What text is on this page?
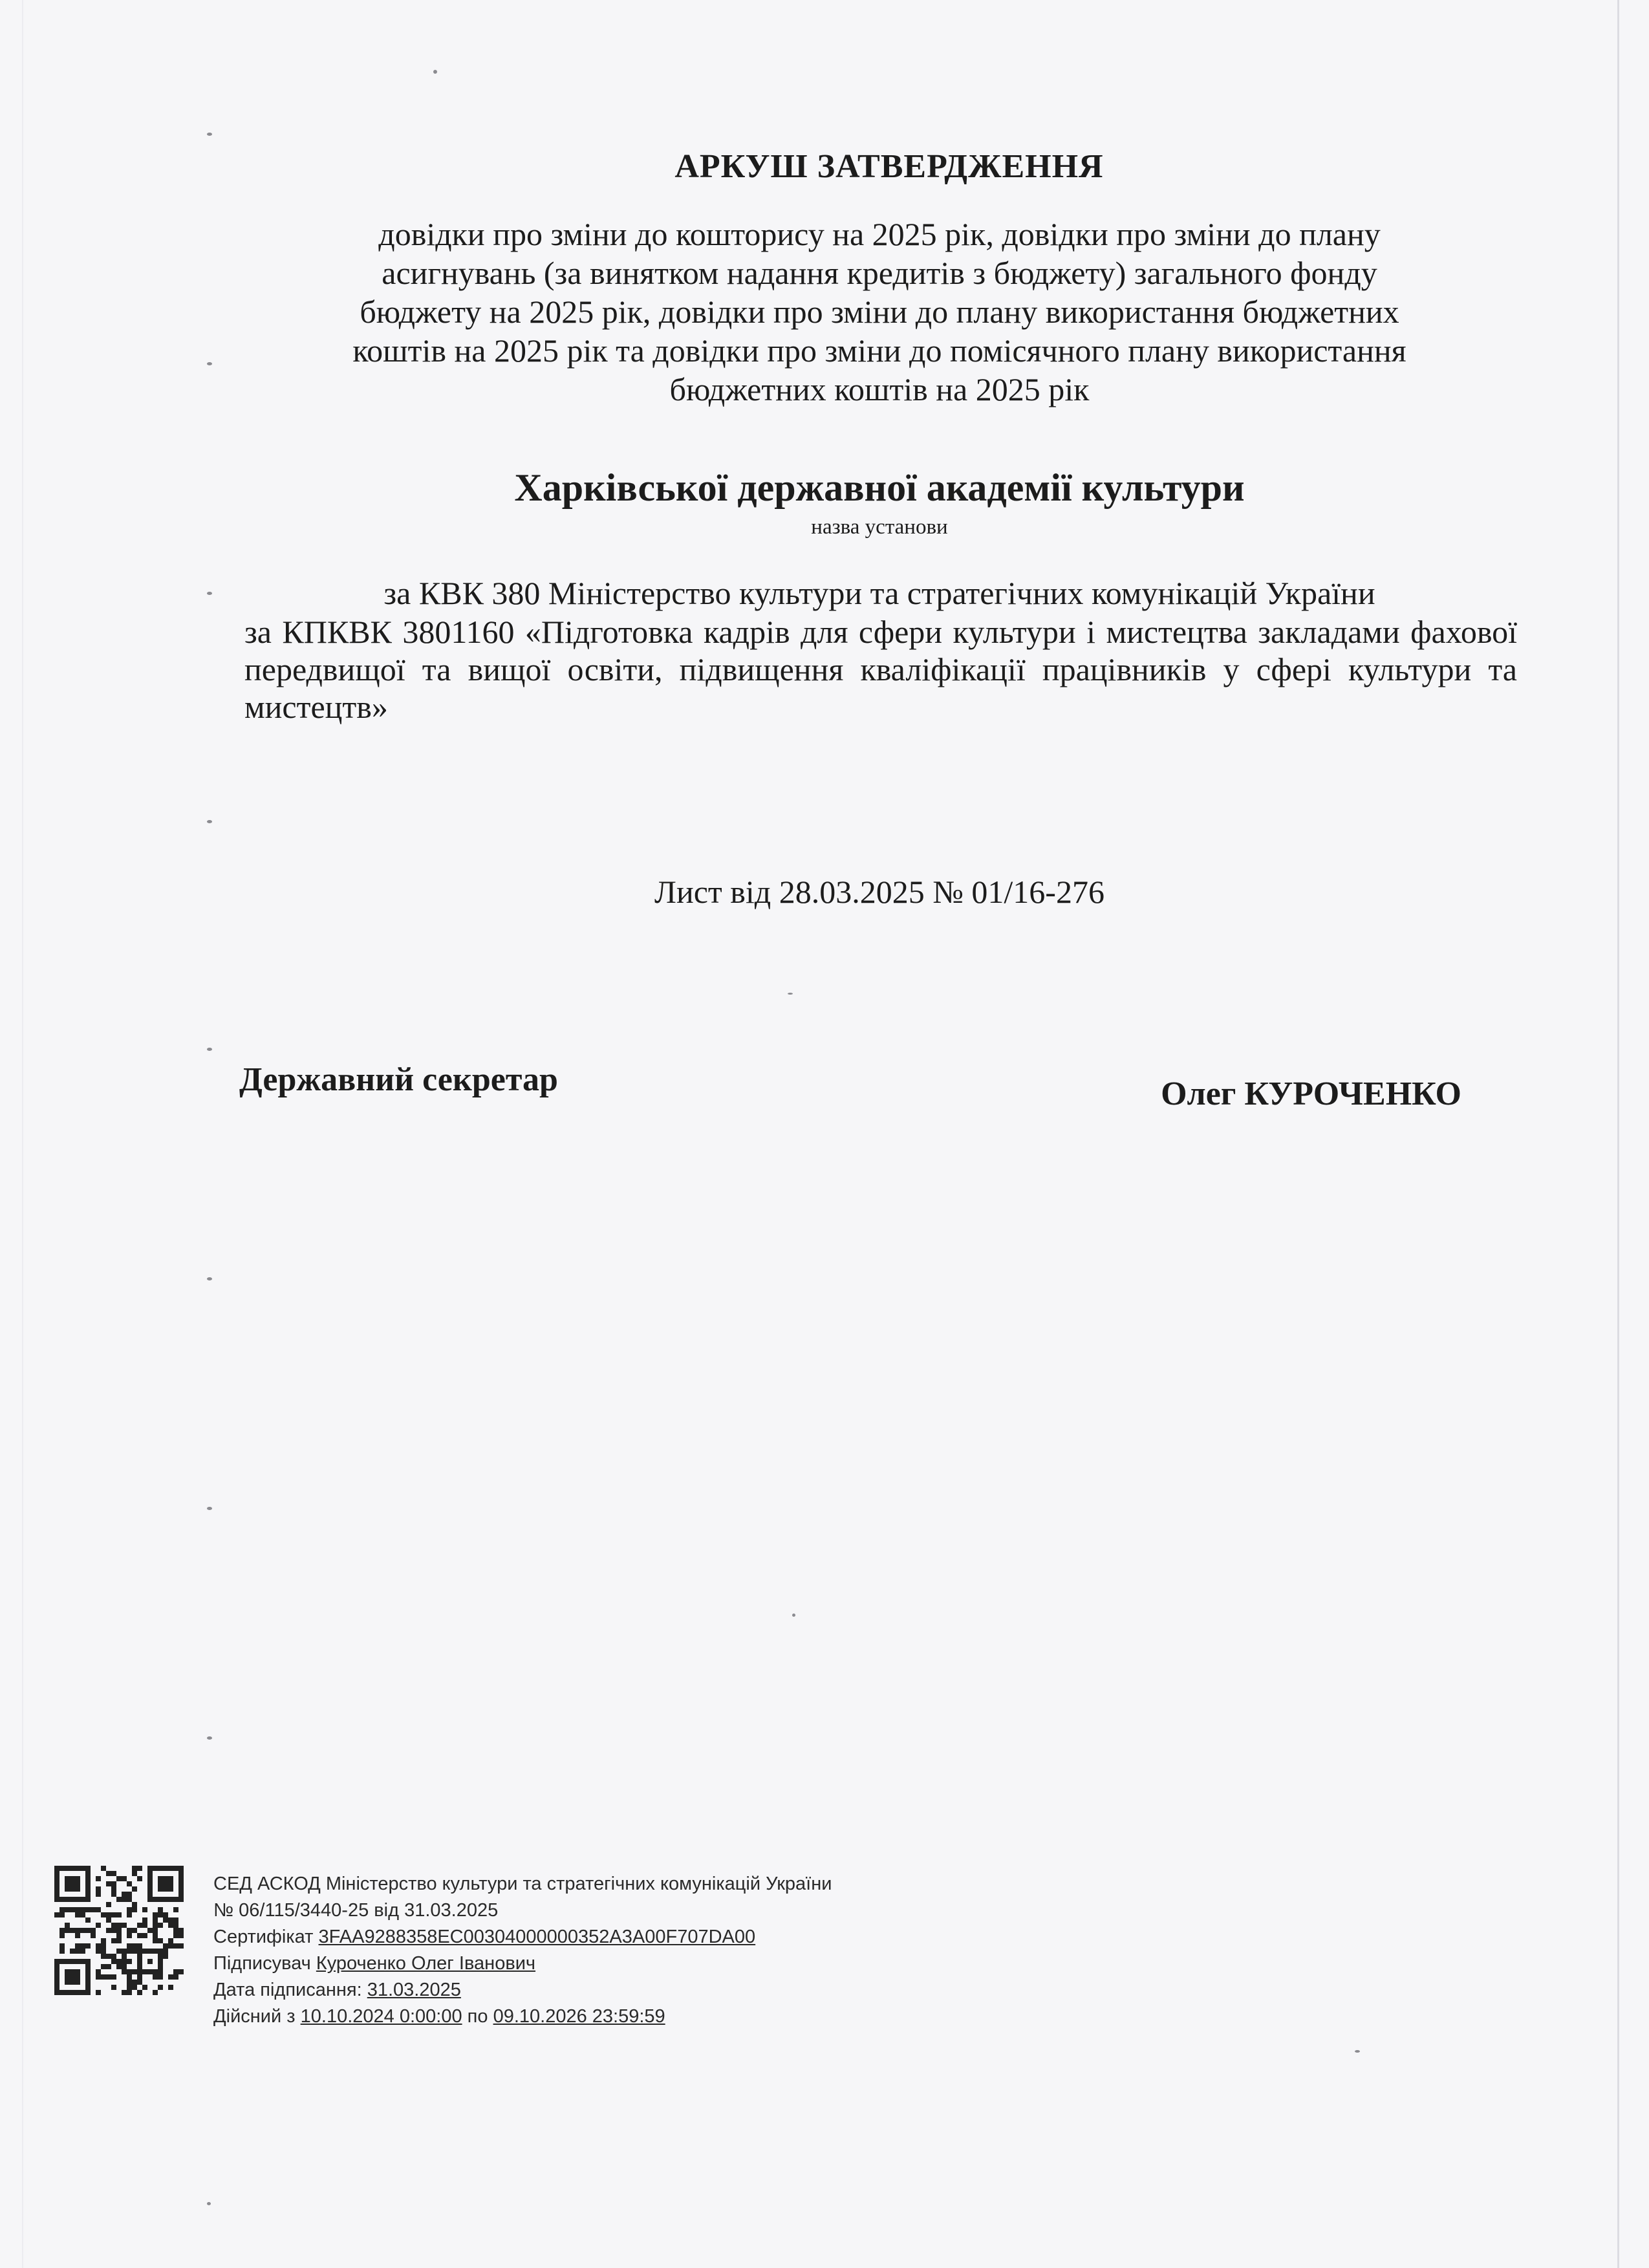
АРКУШ ЗАТВЕРДЖЕННЯ
довідки про зміни до кошторису на 2025 рік, довідки про зміни до плану
асигнувань (за винятком надання кредитів з бюджету) загального фонду
бюджету на 2025 рік, довідки про зміни до плану використання бюджетних
коштів на 2025 рік та довідки про зміни до помісячного плану використання
бюджетних коштів на 2025 рік
Харківської державної академії культури
назва установи
за КВК 380 Міністерство культури та стратегічних комунікацій України
за КПКВК 3801160 «Підготовка кадрів для сфери культури і мистецтва закладами фахової передвищої та вищої освіти, підвищення кваліфікації працівників у сфері культури та мистецтв»
Лист від 28.03.2025 № 01/16-276
Державний секретар	Олег КУРОЧЕНКО
СЕД АСКОД Міністерство культури та стратегічних комунікацій України
№ 06/115/3440-25 від 31.03.2025
Сертифікат 3FAA9288358EC00304000000352A3A00F707DA00
Підписувач Куроченко Олег Іванович
Дата підписання: 31.03.2025
Дійсний з 10.10.2024 0:00:00 по 09.10.2026 23:59:59
